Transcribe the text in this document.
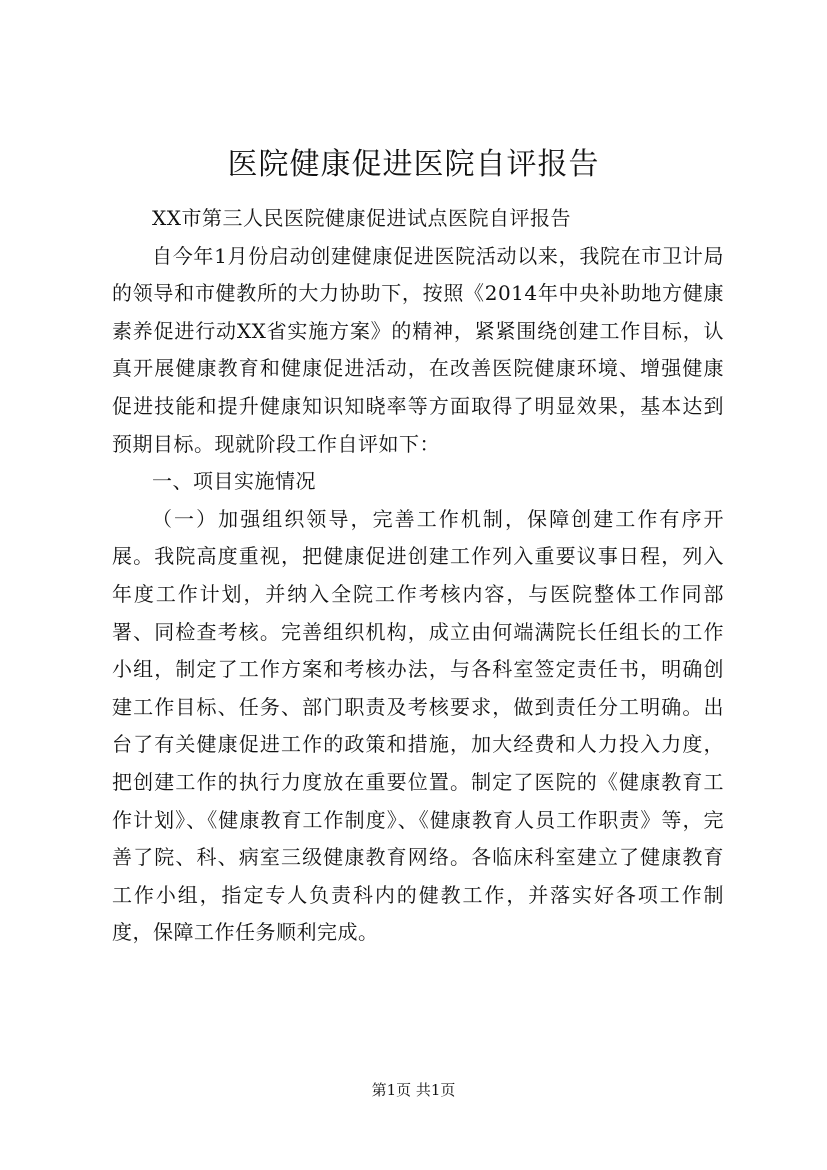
医院健康促进医院自评报告

XX市第三人民医院健康促进试点医院自评报告

自今年1月份启动创建健康促进医院活动以来，我院在市卫计局的领导和市健教所的大力协助下，按照《2014年中央补助地方健康素养促进行动XX省实施方案》的精神，紧紧围绕创建工作目标，认真开展健康教育和健康促进活动，在改善医院健康环境、增强健康促进技能和提升健康知识知晓率等方面取得了明显效果，基本达到预期目标。现就阶段工作自评如下：

一、项目实施情况

（一）加强组织领导，完善工作机制，保障创建工作有序开展。我院高度重视，把健康促进创建工作列入重要议事日程，列入年度工作计划，并纳入全院工作考核内容，与医院整体工作同部署、同检查考核。完善组织机构，成立由何端满院长任组长的工作小组，制定了工作方案和考核办法，与各科室签定责任书，明确创建工作目标、任务、部门职责及考核要求，做到责任分工明确。出台了有关健康促进工作的政策和措施，加大经费和人力投入力度，把创建工作的执行力度放在重要位置。制定了医院的《健康教育工作计划》、《健康教育工作制度》、《健康教育人员工作职责》等，完善了院、科、病室三级健康教育网络。各临床科室建立了健康教育工作小组，指定专人负责科内的健教工作，并落实好各项工作制度，保障工作任务顺利完成。

第1页 共1页
